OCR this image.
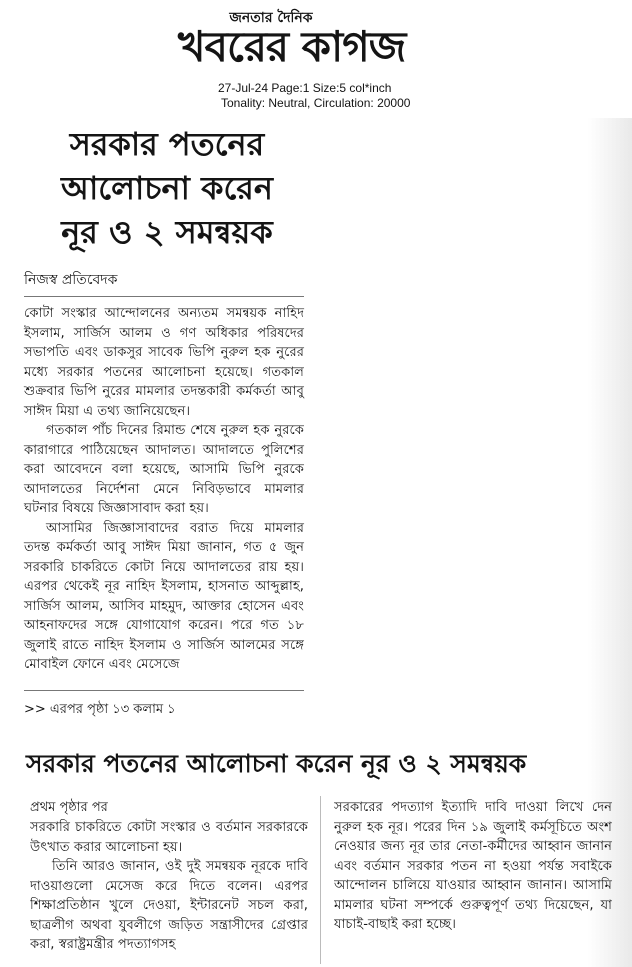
জনতার দৈনিক
খবরের কাগজ
27-Jul-24 Page:1 Size:5 col*inch
Tonality: Neutral, Circulation: 20000
সরকার পতনের
আলোচনা করেন
নূর ও ২ সমন্বয়ক
নিজস্ব প্রতিবেদক

কোটা সংস্কার আন্দোলনের অন্যতম সমন্বয়ক নাহিদ ইসলাম, সার্জিস আলম ও গণ অধিকার পরিষদের সভাপতি এবং ডাকসুর সাবেক ভিপি নুরুল হক নুরের মধ্যে সরকার পতনের আলোচনা হয়েছে। গতকাল শুক্রবার ভিপি নুরের মামলার তদন্তকারী কর্মকর্তা আবু সাঈদ মিয়া এ তথ্য জানিয়েছেন।

গতকাল পাঁচ দিনের রিমান্ড শেষে নুরুল হক নুরকে কারাগারে পাঠিয়েছেন আদালত। আদালতে পুলিশের করা আবেদনে বলা হয়েছে, আসামি ভিপি নুরকে আদালতের নির্দেশনা মেনে নিবিড়ভাবে মামলার ঘটনার বিষয়ে জিজ্ঞাসাবাদ করা হয়।

আসামির জিজ্ঞাসাবাদের বরাত দিয়ে মামলার তদন্ত কর্মকর্তা আবু সাঈদ মিয়া জানান, গত ৫ জুন সরকারি চাকরিতে কোটা নিয়ে আদালতের রায় হয়। এরপর থেকেই নূর নাহিদ ইসলাম, হাসনাত আব্দুল্লাহ, সার্জিস আলম, আসিব মাহমুদ, আক্তার হোসেন এবং আহনাফদের সঙ্গে যোগাযোগ করেন। পরে গত ১৮ জুলাই রাতে নাহিদ ইসলাম ও সার্জিস আলমের সঙ্গে মোবাইল ফোনে এবং মেসেজে

>> এরপর পৃষ্ঠা ১৩ কলাম ১
সরকার পতনের আলোচনা করেন নূর ও ২ সমন্বয়ক
প্রথম পৃষ্ঠার পর

সরকারি চাকরিতে কোটা সংস্কার ও বর্তমান সরকারকে উৎখাত করার আলোচনা হয়।

তিনি আরও জানান, ওই দুই সমন্বয়ক নূরকে দাবি দাওয়াগুলো মেসেজ করে দিতে বলেন। এরপর শিক্ষাপ্রতিষ্ঠান খুলে দেওয়া, ইন্টারনেট সচল করা, ছাত্রলীগ অথবা যুবলীগে জড়িত সন্ত্রাসীদের গ্রেপ্তার করা, স্বরাষ্ট্রমন্ত্রীর পদত্যাগসহ

সরকারের পদত্যাগ ইত্যাদি দাবি দাওয়া লিখে দেন নুরুল হক নূর। পরের দিন ১৯ জুলাই কর্মসূচিতে অংশ নেওয়ার জন্য নূর তার নেতা-কর্মীদের আহ্বান জানান এবং বর্তমান সরকার পতন না হওয়া পর্যন্ত সবাইকে আন্দোলন চালিয়ে যাওয়ার আহ্বান জানান। আসামি মামলার ঘটনা সম্পর্কে গুরুত্বপূর্ণ তথ্য দিয়েছেন, যা যাচাই-বাছাই করা হচ্ছে।
